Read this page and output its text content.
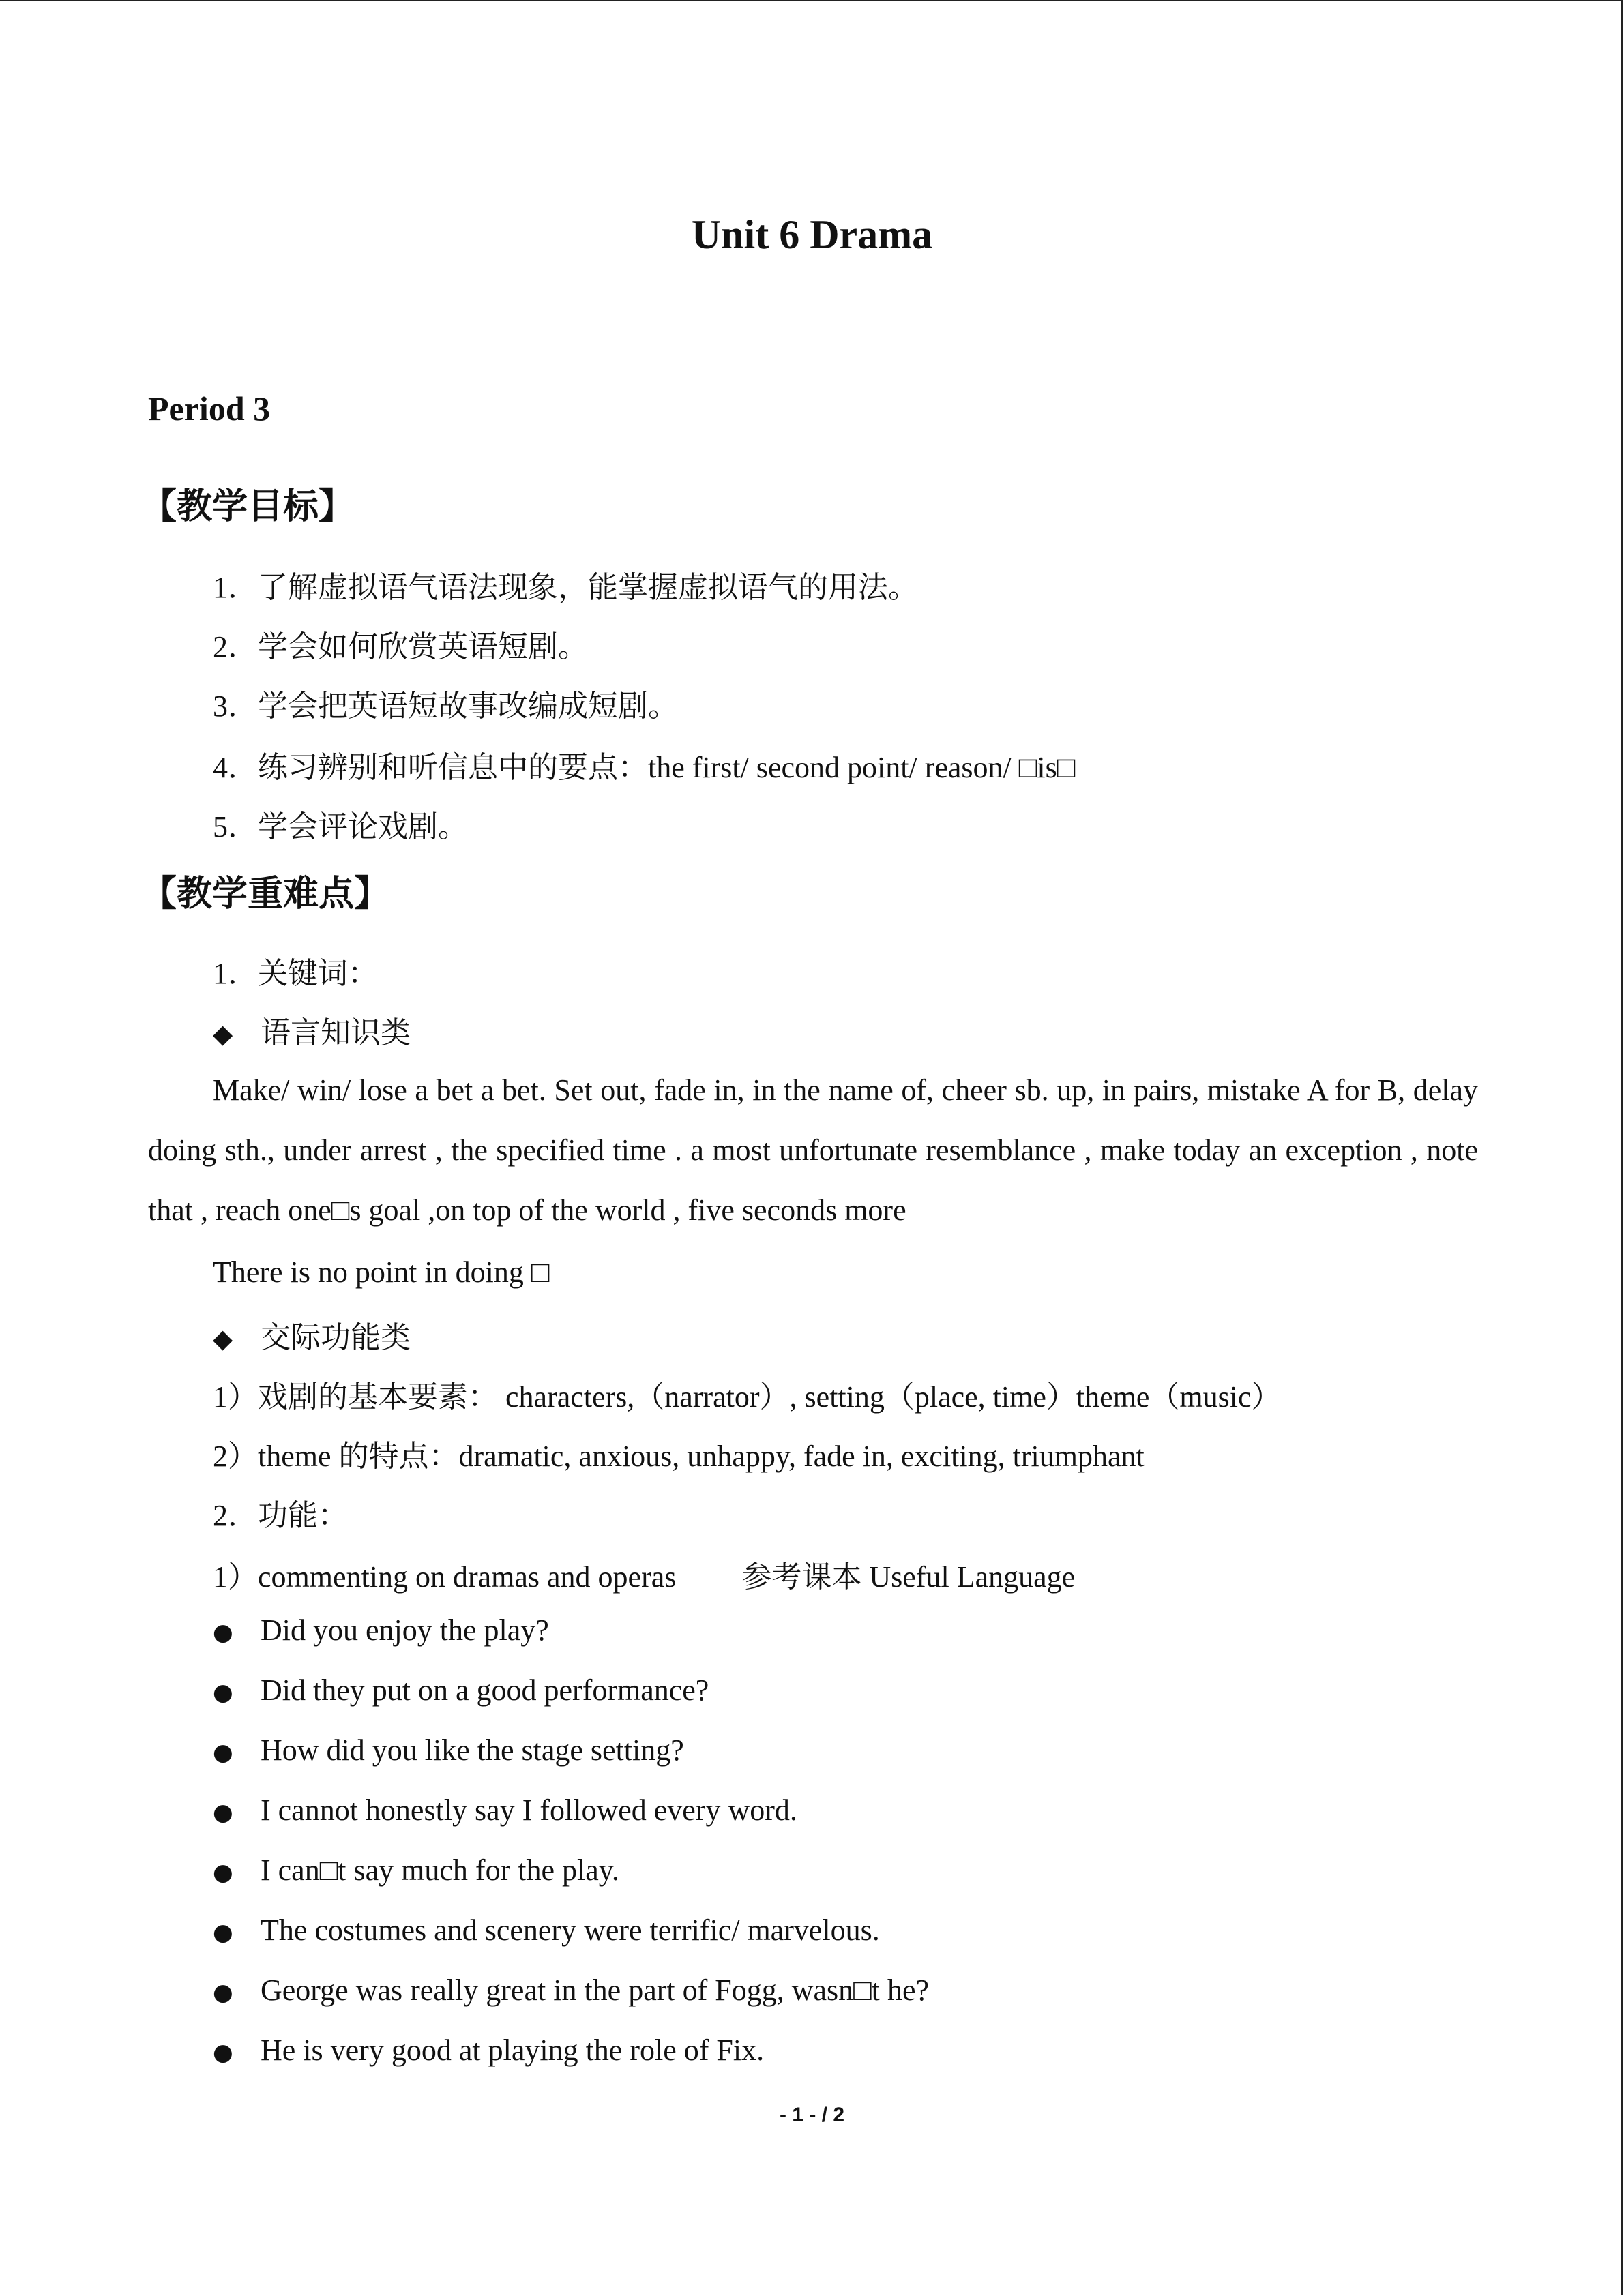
Unit 6 Drama
Period 3
【教学目标】
1．了解虚拟语气语法现象，能掌握虚拟语气的用法。
2．学会如何欣赏英语短剧。
3．学会把英语短故事改编成短剧。
4．练习辨别和听信息中的要点：the first/ second point/ reason/ □is□
5．学会评论戏剧。
【教学重难点】
1．关键词：
◆ 语言知识类

Make/ win/ lose a bet a bet. Set out, fade in, in the name of, cheer sb. up, in pairs, mistake A for B, delay doing sth., under arrest , the specified time . a most unfortunate resemblance , make today an exception , note that , reach one□s goal ,on top of the world , five seconds more

There is no point in doing □
◆ 交际功能类
1）戏剧的基本要素： characters,（narrator）, setting（place, time）theme（music）
2）theme 的特点：dramatic, anxious, unhappy, fade in, exciting, triumphant
2．功能：
1）commenting on dramas and operas 参考课本 Useful Language
● Did you enjoy the play?
● Did they put on a good performance?
● How did you like the stage setting?
● I cannot honestly say I followed every word.
● I can□t say much for the play.
● The costumes and scenery were terrific/ marvelous.
● George was really great in the part of Fogg, wasn□t he?
● He is very good at playing the role of Fix.
- 1 - / 2
